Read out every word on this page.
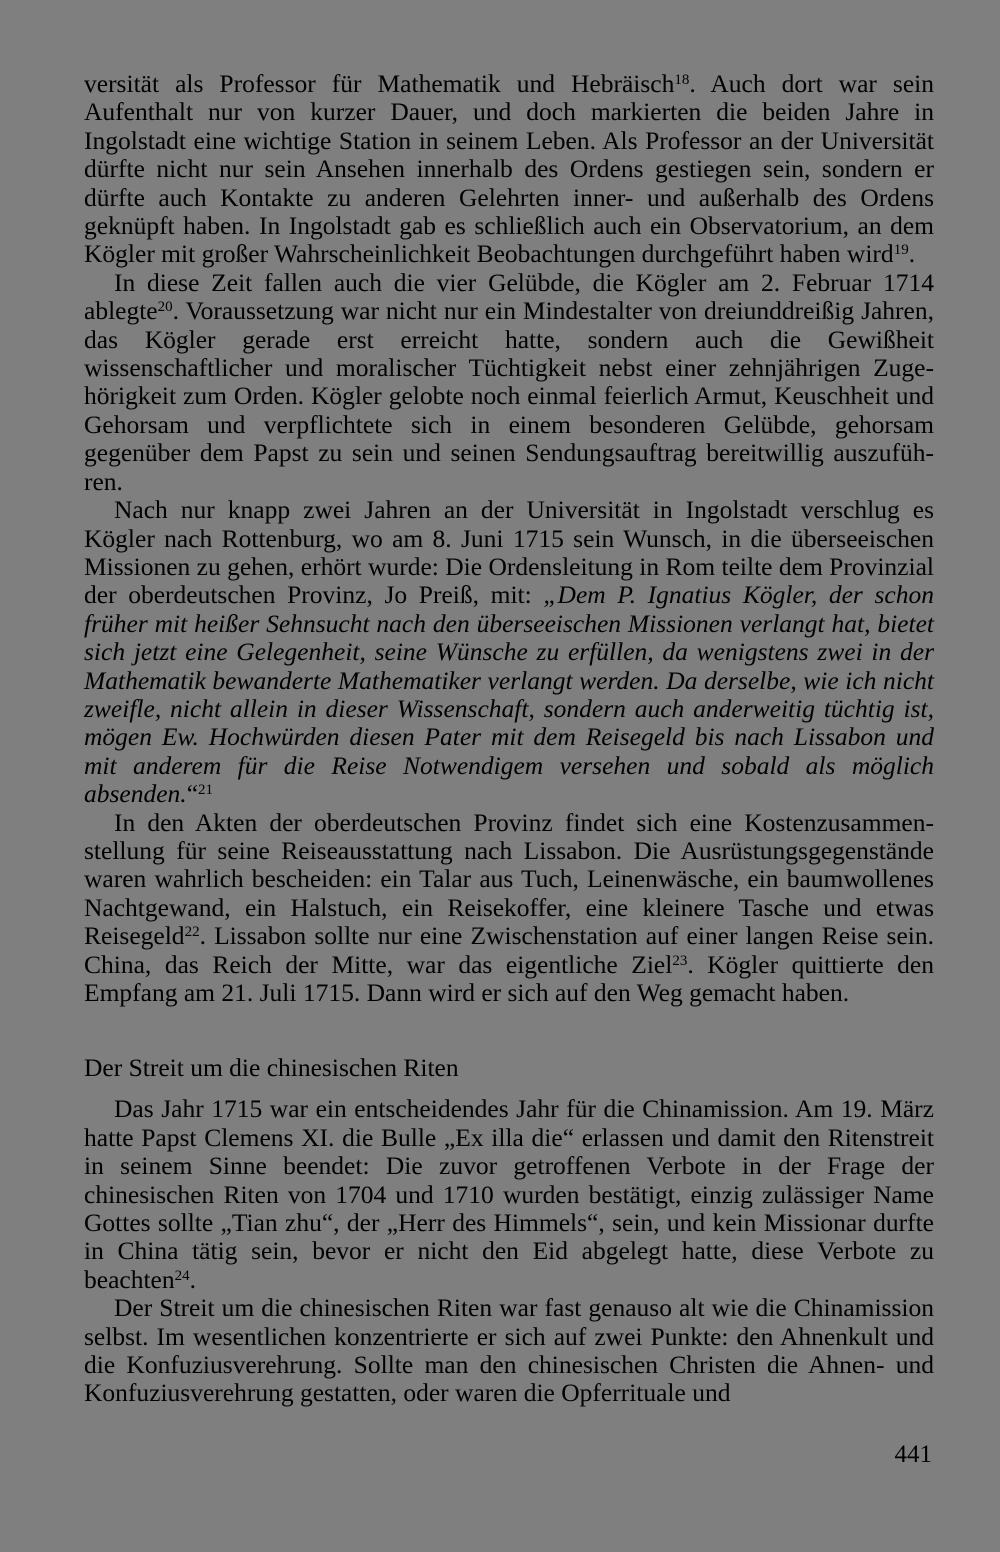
versität als Professor für Mathematik und Hebräisch$^{18}$. Auch dort war sein Aufenthalt nur von kurzer Dauer, und doch markierten die beiden Jahre in Ingolstadt eine wichtige Station in seinem Leben. Als Professor an der Universität dürfte nicht nur sein Ansehen innerhalb des Ordens gestiegen sein, sondern er dürfte auch Kontakte zu anderen Gelehrten inner- und außerhalb des Ordens geknüpft haben. In Ingolstadt gab es schließlich auch ein Observatorium, an dem Kögler mit großer Wahrscheinlichkeit Beobachtungen durchgeführt haben wird$^{19}$.

In diese Zeit fallen auch die vier Gelübde, die Kögler am 2. Februar 1714 ablegte$^{20}$. Voraussetzung war nicht nur ein Mindestalter von dreiunddreißig Jahren, das Kögler gerade erst erreicht hatte, sondern auch die Gewißheit wissenschaftlicher und moralischer Tüchtigkeit nebst einer zehnjährigen Zugehörigkeit zum Orden. Kögler gelobte noch einmal feierlich Armut, Keuschheit und Gehorsam und verpflichtete sich in einem besonderen Gelübde, gehorsam gegenüber dem Papst zu sein und seinen Sendungsauftrag bereitwillig auszuführen.

Nach nur knapp zwei Jahren an der Universität in Ingolstadt verschlug es Kögler nach Rottenburg, wo am 8. Juni 1715 sein Wunsch, in die überseeischen Missionen zu gehen, erhört wurde: Die Ordensleitung in Rom teilte dem Provinzial der oberdeutschen Provinz, Jo Preiß, mit: „Dem P. Ignatius Kögler, der schon früher mit heißer Sehnsucht nach den überseeischen Missionen verlangt hat, bietet sich jetzt eine Gelegenheit, seine Wünsche zu erfüllen, da wenigstens zwei in der Mathematik bewanderte Mathematiker verlangt werden. Da derselbe, wie ich nicht zweifle, nicht allein in dieser Wissenschaft, sondern auch anderweitig tüchtig ist, mögen Ew. Hochwürden diesen Pater mit dem Reisegeld bis nach Lissabon und mit anderem für die Reise Notwendigem versehen und sobald als möglich absenden.“$^{21}$

In den Akten der oberdeutschen Provinz findet sich eine Kostenzusammenstellung für seine Reiseausstattung nach Lissabon. Die Ausrüstungsgegenstände waren wahrlich bescheiden: ein Talar aus Tuch, Leinenwäsche, ein baumwollenes Nachtgewand, ein Halstuch, ein Reisekoffer, eine kleinere Tasche und etwas Reisegeld$^{22}$. Lissabon sollte nur eine Zwischenstation auf einer langen Reise sein. China, das Reich der Mitte, war das eigentliche Ziel$^{23}$. Kögler quittierte den Empfang am 21. Juli 1715. Dann wird er sich auf den Weg gemacht haben.

Der Streit um die chinesischen Riten

Das Jahr 1715 war ein entscheidendes Jahr für die Chinamission. Am 19. März hatte Papst Clemens XI. die Bulle „Ex illa die“ erlassen und damit den Ritenstreit in seinem Sinne beendet: Die zuvor getroffenen Verbote in der Frage der chinesischen Riten von 1704 und 1710 wurden bestätigt, einzig zulässiger Name Gottes sollte „Tian zhu“, der „Herr des Himmels“, sein, und kein Missionar durfte in China tätig sein, bevor er nicht den Eid abgelegt hatte, diese Verbote zu beachten$^{24}$.

Der Streit um die chinesischen Riten war fast genauso alt wie die Chinamission selbst. Im wesentlichen konzentrierte er sich auf zwei Punkte: den Ahnenkult und die Konfuziusverehrung. Sollte man den chinesischen Christen die Ahnen- und Konfuziusverehrung gestatten, oder waren die Opferrituale und

441
